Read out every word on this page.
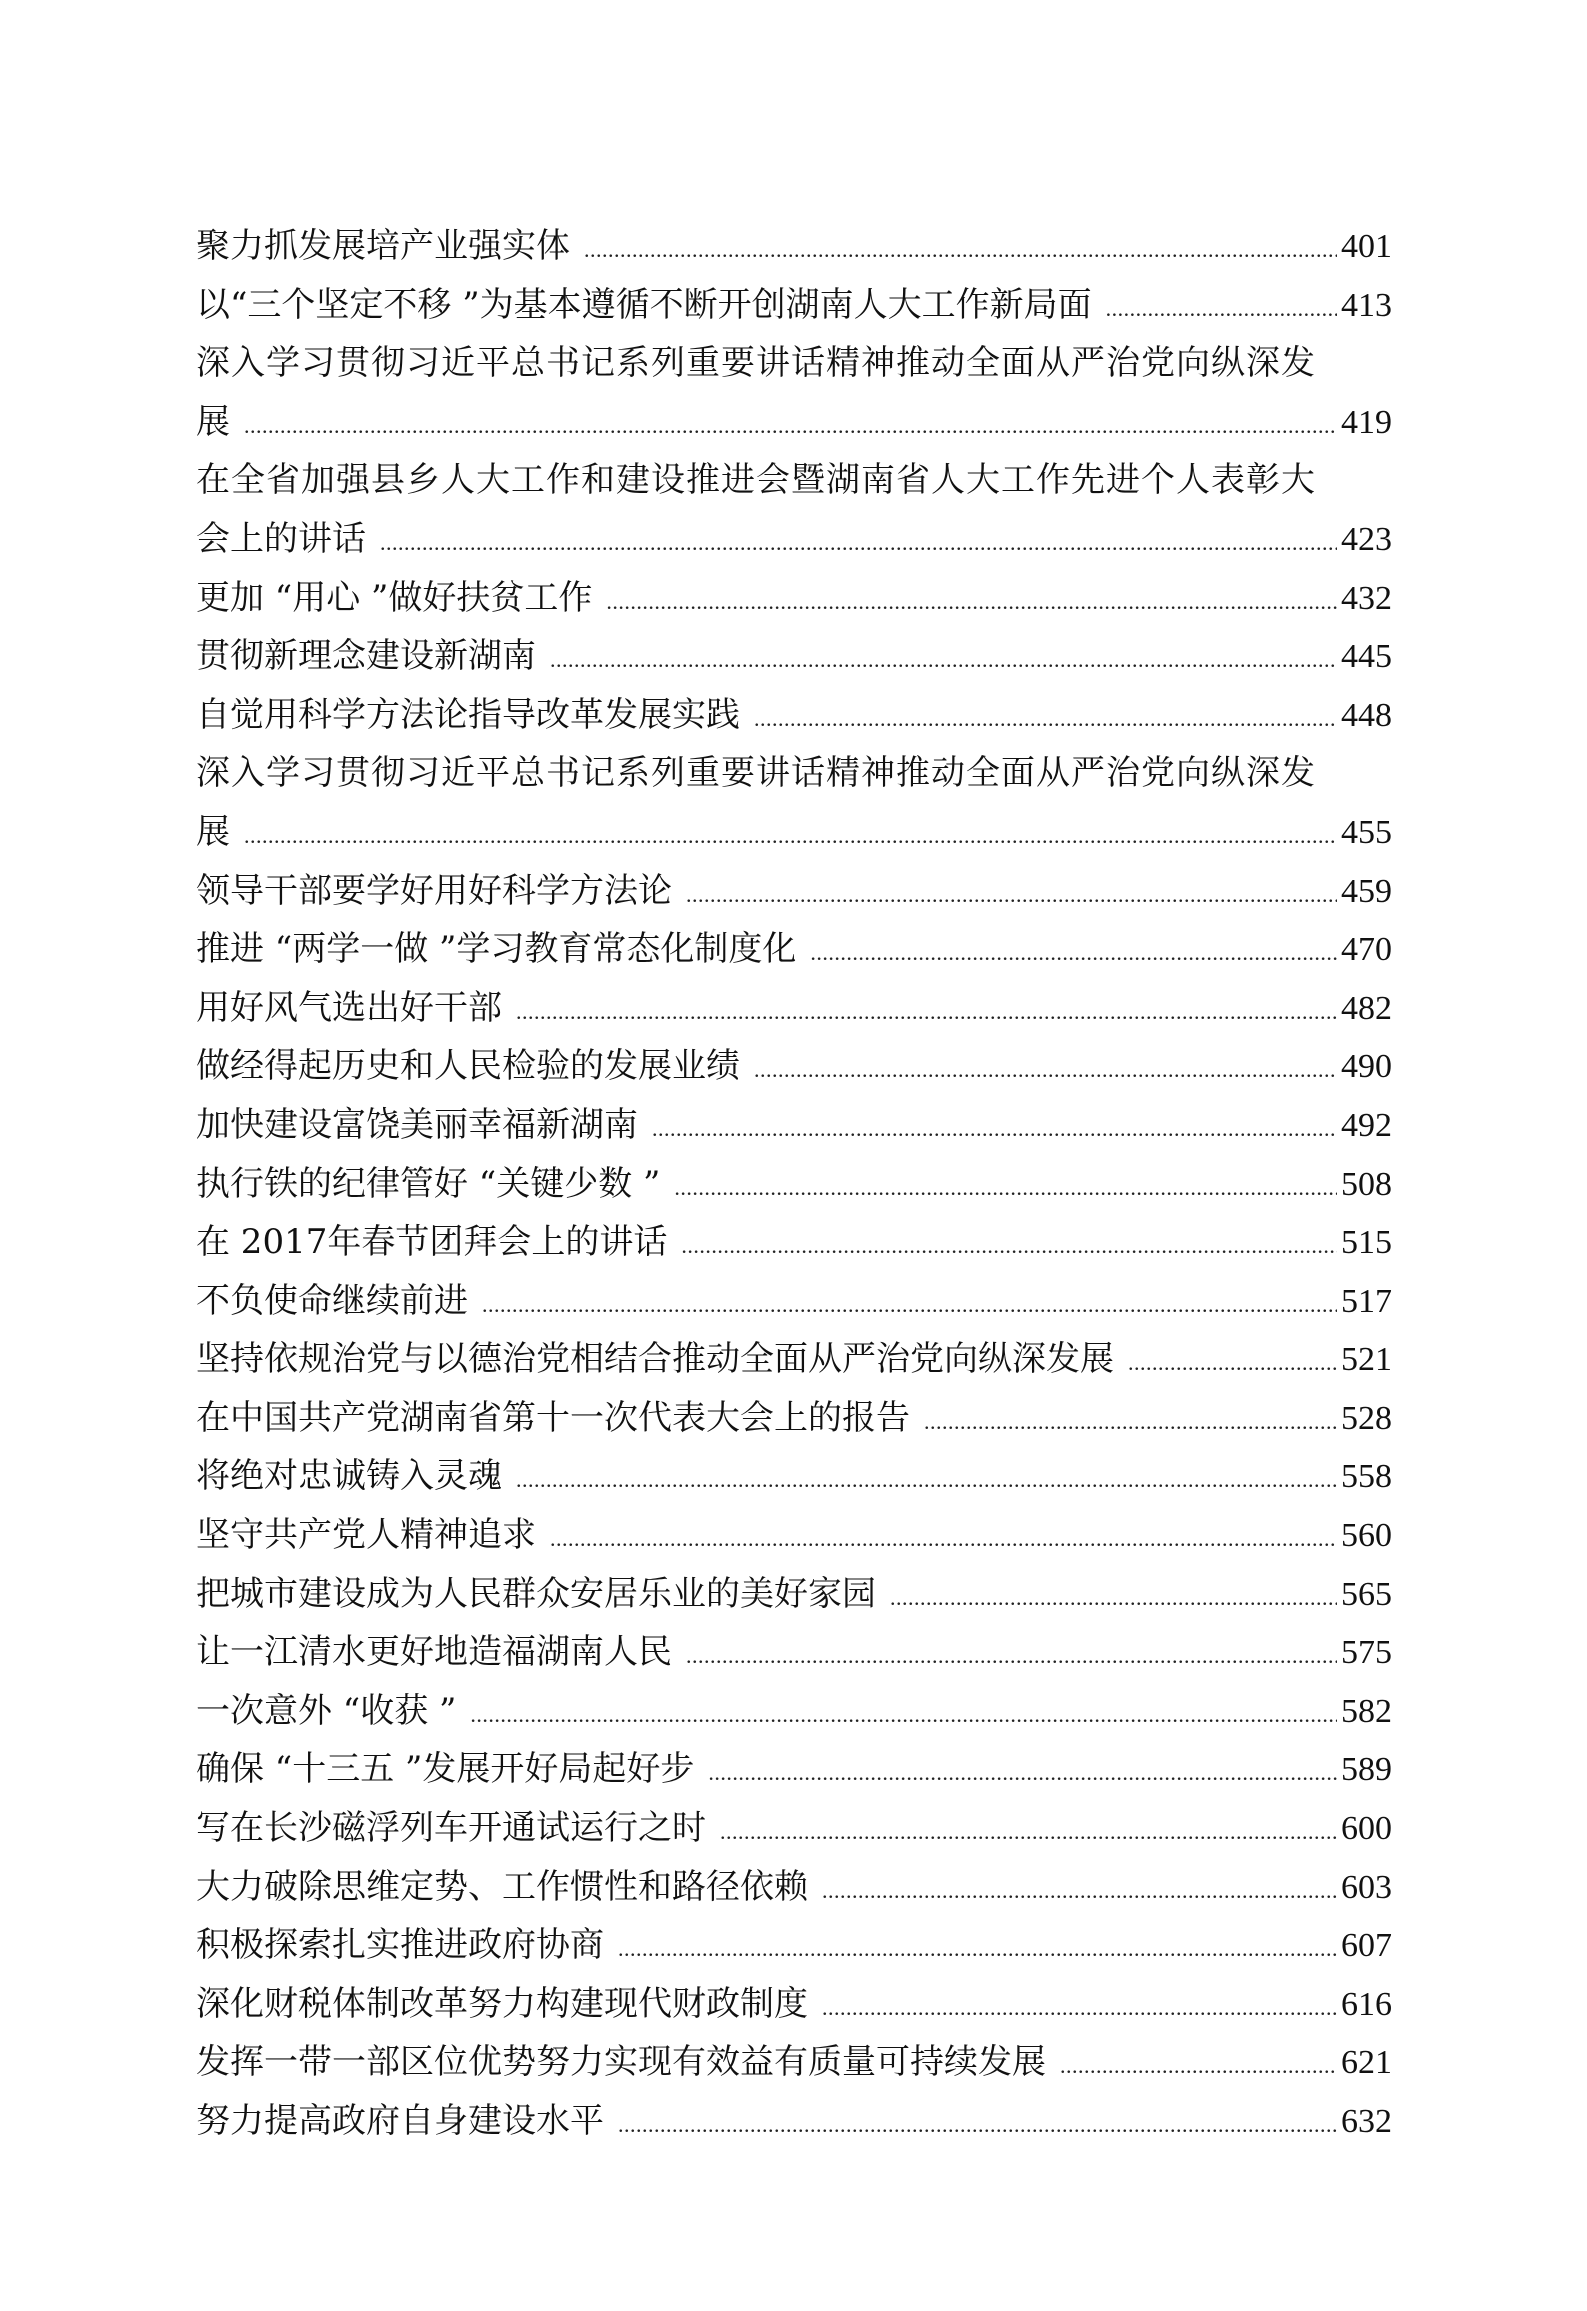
聚力抓发展培产业强实体 .....	401
以“三个坚定不移 ”为基本遵循不断开创湖南人大工作新局面 .....	413
深入学习贯彻习近平总书记系列重要讲话精神推动全面从严治党向纵深发
展 .....	419
在全省加强县乡人大工作和建设推进会暨湖南省人大工作先进个人表彰大
会上的讲话 .....	423
更加 “用心 ”做好扶贫工作 .....	432
贯彻新理念建设新湖南 .....	445
自觉用科学方法论指导改革发展实践 .....	448
深入学习贯彻习近平总书记系列重要讲话精神推动全面从严治党向纵深发
展 .....	455
领导干部要学好用好科学方法论 .....	459
推进 “两学一做 ”学习教育常态化制度化 .....	470
用好风气选出好干部 .....	482
做经得起历史和人民检验的发展业绩 .....	490
加快建设富饶美丽幸福新湖南 .....	492
执行铁的纪律管好 “关键少数 ” .....	508
在 2017年春节团拜会上的讲话 .....	515
不负使命继续前进 .....	517
坚持依规治党与以德治党相结合推动全面从严治党向纵深发展 .....	521
在中国共产党湖南省第十一次代表大会上的报告 .....	528
将绝对忠诚铸入灵魂 .....	558
坚守共产党人精神追求 .....	560
把城市建设成为人民群众安居乐业的美好家园 .....	565
让一江清水更好地造福湖南人民 .....	575
一次意外 “收获 ” .....	582
确保 “十三五 ”发展开好局起好步 .....	589
写在长沙磁浮列车开通试运行之时 .....	600
大力破除思维定势、工作惯性和路径依赖 .....	603
积极探索扎实推进政府协商 .....	607
深化财税体制改革努力构建现代财政制度 .....	616
发挥一带一部区位优势努力实现有效益有质量可持续发展 .....	621
努力提高政府自身建设水平 .....	632
